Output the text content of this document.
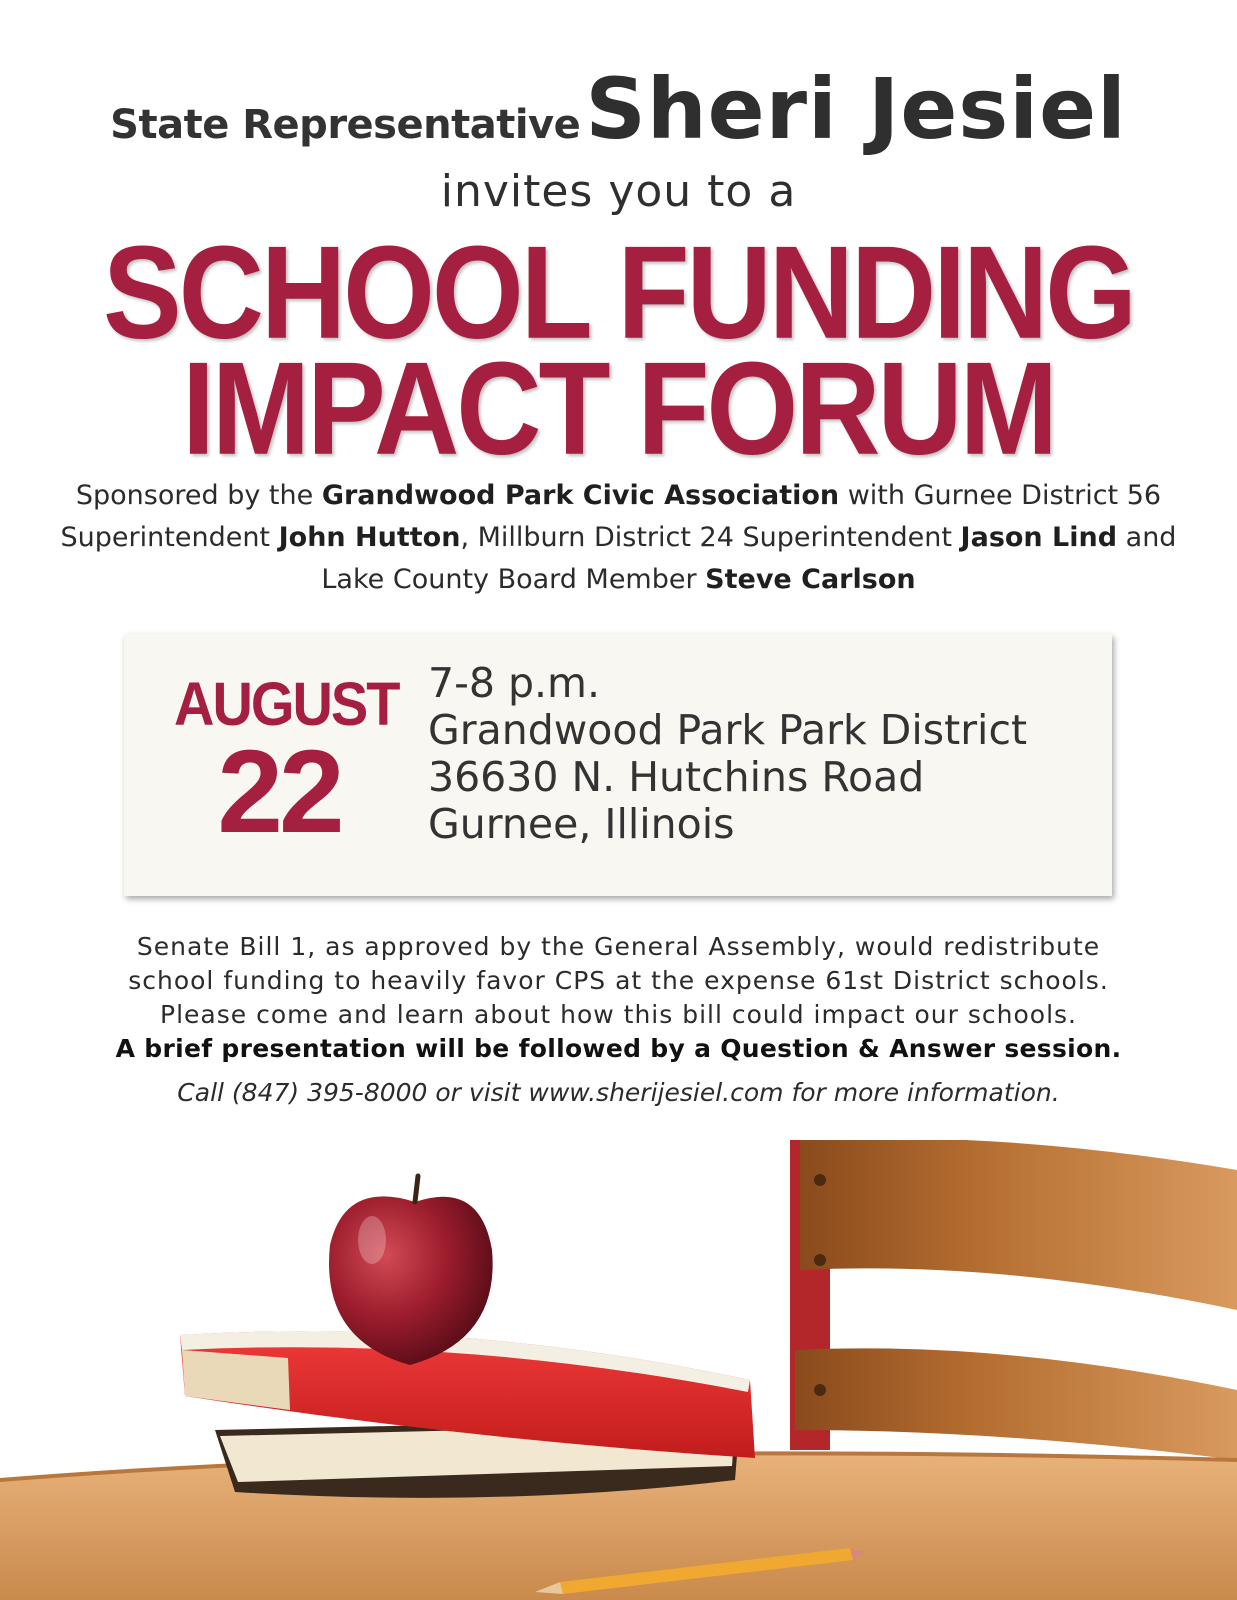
State Representative Sheri Jesiel
invites you to a
SCHOOL FUNDING
IMPACT FORUM
Sponsored by the Grandwood Park Civic Association with Gurnee District 56 Superintendent John Hutton, Millburn District 24 Superintendent Jason Lind and Lake County Board Member Steve Carlson
AUGUST
22
7-8 p.m.
Grandwood Park Park District
36630 N. Hutchins Road
Gurnee, Illinois
Senate Bill 1, as approved by the General Assembly, would redistribute
school funding to heavily favor CPS at the expense 61st District schools.
Please come and learn about how this bill could impact our schools.
A brief presentation will be followed by a Question & Answer session.
Call (847) 395-8000 or visit www.sherijesiel.com for more information.
